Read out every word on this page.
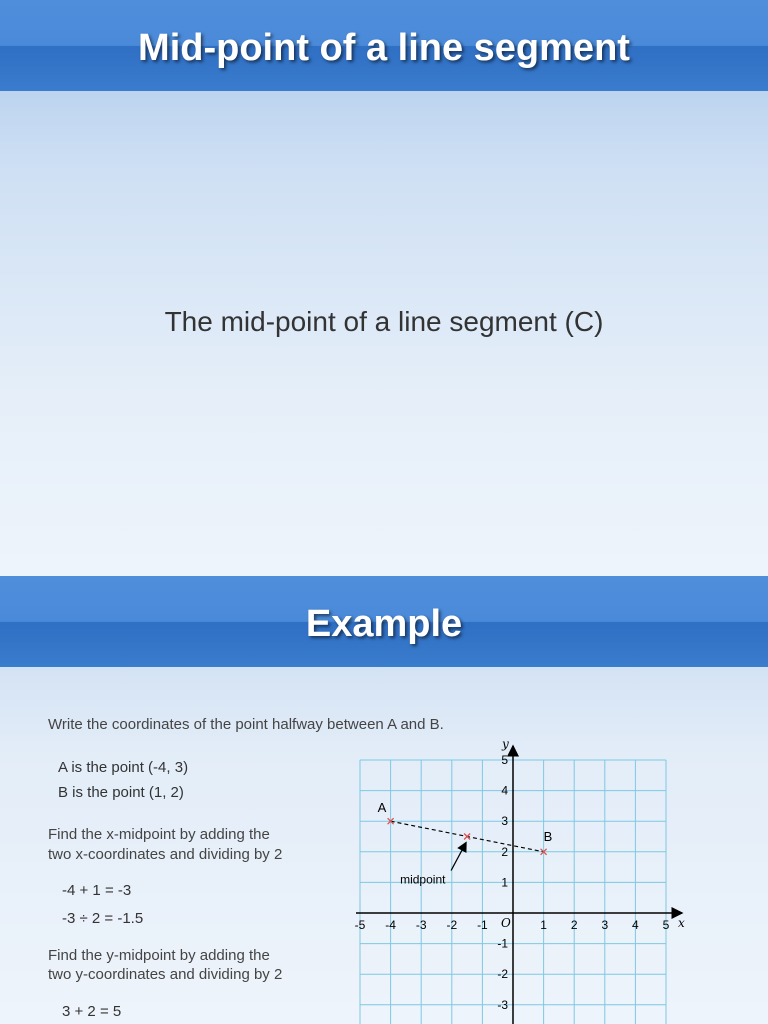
Mid-point of a line segment
The mid-point of a line segment (C)
Example
Write the coordinates of the point halfway between A and B.
A is the point (-4, 3)
B is the point (1, 2)
Find the x-midpoint by adding the
two x-coordinates and dividing by 2
-4 + 1 = -3
-3 ÷ 2 = -1.5
Find the y-midpoint by adding the
two y-coordinates and dividing by 2
3 + 2 = 5
x
y
O
-5 -4 -3 -2 -1	1 2 3 4 5
5
4
3
2
1
-1
-2
-3
A
B
midpoint
